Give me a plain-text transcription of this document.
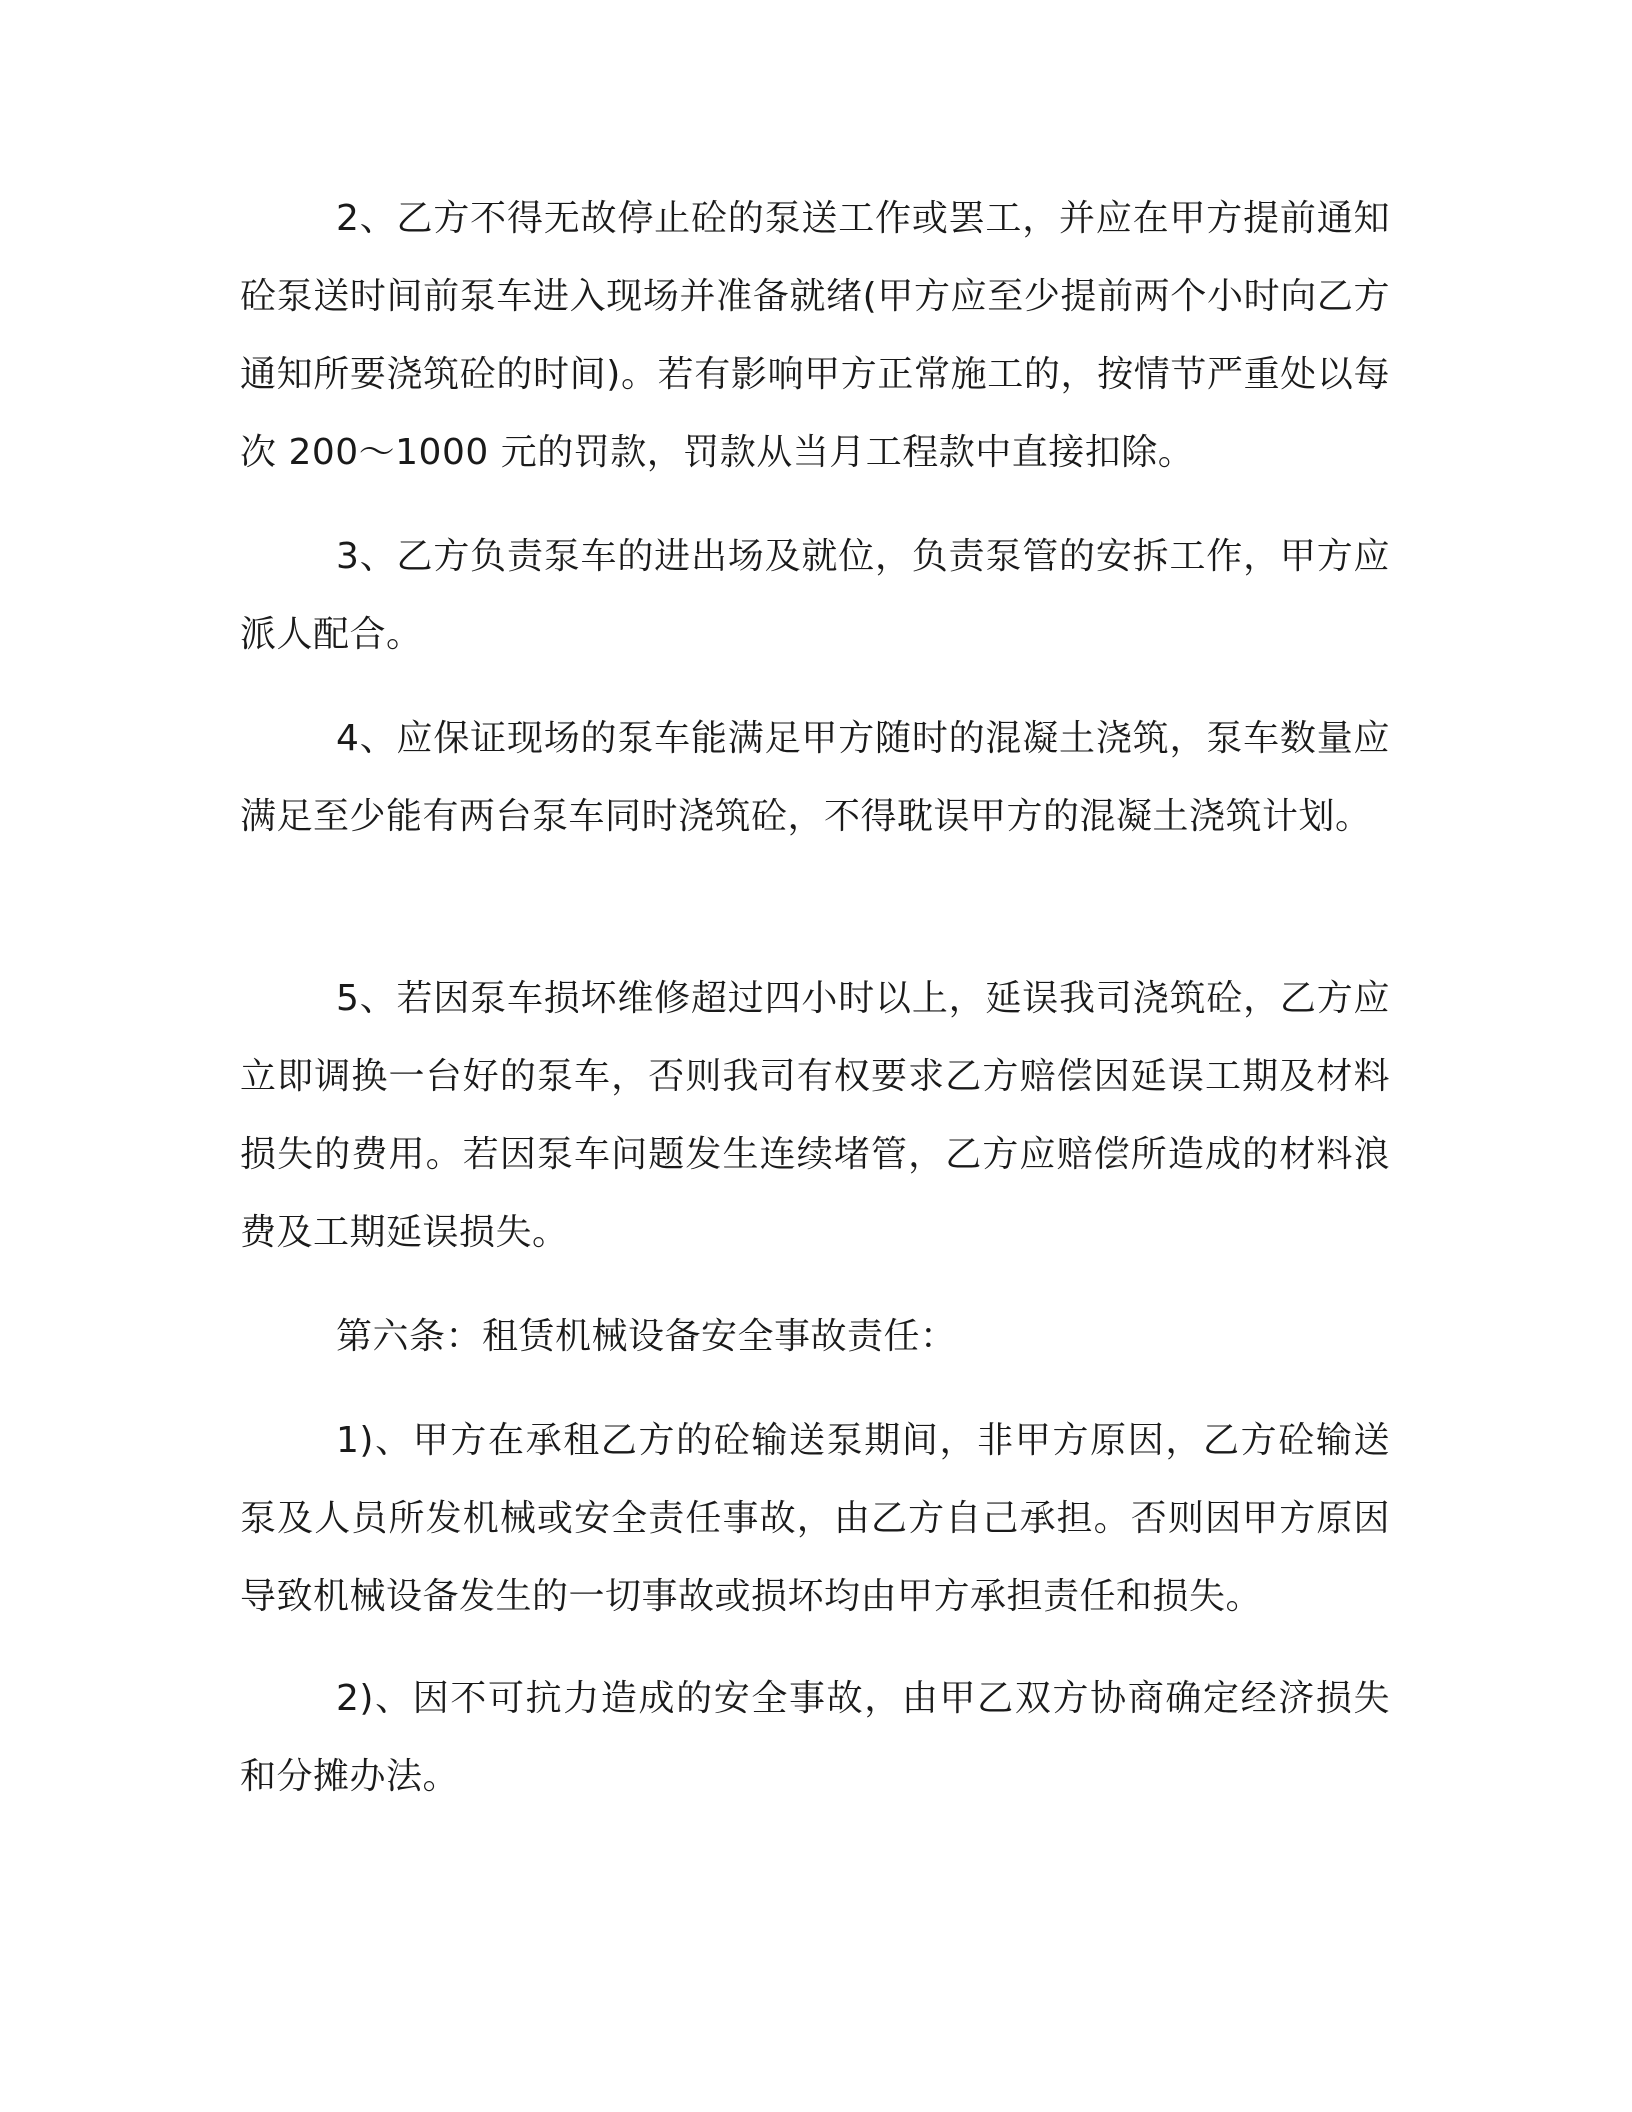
2、乙方不得无故停止砼的泵送工作或罢工，并应在甲方提前通知砼泵送时间前泵车进入现场并准备就绪(甲方应至少提前两个小时向乙方通知所要浇筑砼的时间)。若有影响甲方正常施工的，按情节严重处以每次 200～1000 元的罚款，罚款从当月工程款中直接扣除。

3、乙方负责泵车的进出场及就位，负责泵管的安拆工作，甲方应派人配合。

4、应保证现场的泵车能满足甲方随时的混凝土浇筑，泵车数量应满足至少能有两台泵车同时浇筑砼，不得耽误甲方的混凝土浇筑计划。

5、若因泵车损坏维修超过四小时以上，延误我司浇筑砼，乙方应立即调换一台好的泵车，否则我司有权要求乙方赔偿因延误工期及材料损失的费用。若因泵车问题发生连续堵管，乙方应赔偿所造成的材料浪费及工期延误损失。

第六条：租赁机械设备安全事故责任：

1)、甲方在承租乙方的砼输送泵期间，非甲方原因，乙方砼输送泵及人员所发机械或安全责任事故，由乙方自己承担。否则因甲方原因导致机械设备发生的一切事故或损坏均由甲方承担责任和损失。

2)、因不可抗力造成的安全事故，由甲乙双方协商确定经济损失和分摊办法。
